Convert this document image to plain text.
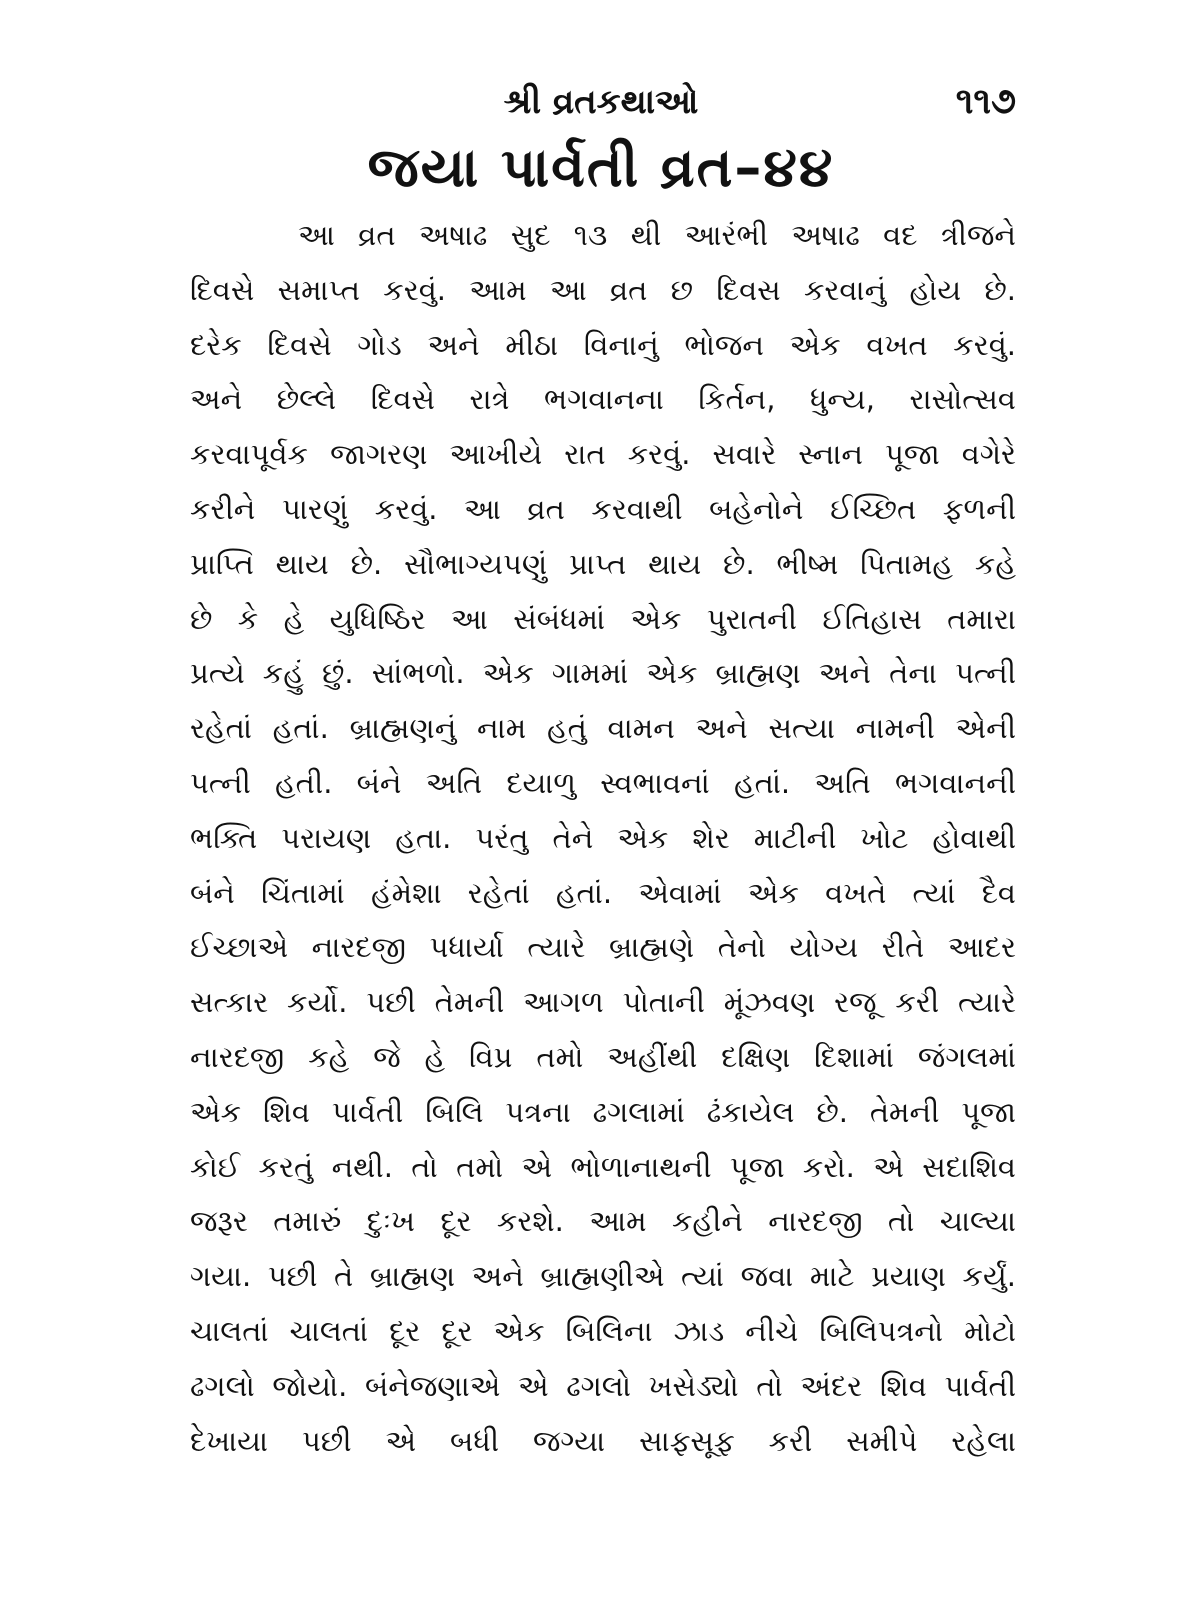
શ્રી વ્રતકથાઓ	૧૧૭
જયા પાર્વતી વ્રત–૪૪
આ વ્રત અષાઢ સુદ ૧૩ થી આરંભી અષાઢ વદ ત્રીજને
દિવસે સમાપ્ત કરવું. આમ આ વ્રત છ દિવસ કરવાનું હોય છે.
દરેક દિવસે ગોડ અને મીઠા વિનાનું ભોજન એક વખત કરવું.
અને છેલ્લે દિવસે રાત્રે ભગવાનના કિર્તન, ધુન્ય, રાસોત્સવ
કરવાપૂર્વક જાગરણ આખીયે રાત કરવું. સવારે સ્નાન પૂજા વગેરે
કરીને પારણું કરવું. આ વ્રત કરવાથી બહેનોને ઈચ્છિત ફળની
પ્રાપ્તિ થાય છે. સૌભાગ્યપણું પ્રાપ્ત થાય છે. ભીષ્મ પિતામહ કહે
છે કે હે યુધિષ્ઠિર આ સંબંધમાં એક પુરાતની ઈતિહાસ તમારા
પ્રત્યે કહું છું. સાંભળો. એક ગામમાં એક બ્રાહ્મણ અને તેના પત્ની
રહેતાં હતાં. બ્રાહ્મણનું નામ હતું વામન અને સત્યા નામની એની
પત્ની હતી. બંને અતિ દયાળુ સ્વભાવનાં હતાં. અતિ ભગવાનની
ભક્તિ પરાયણ હતા. પરંતુ તેને એક શેર માટીની ખોટ હોવાથી
બંને ચિંતામાં હંમેશા રહેતાં હતાં. એવામાં એક વખતે ત્યાં દૈવ
ઈચ્છાએ નારદજી પધાર્યા ત્યારે બ્રાહ્મણે તેનો યોગ્ય રીતે આદર
સત્કાર કર્યો. પછી તેમની આગળ પોતાની મૂંઝવણ રજૂ કરી ત્યારે
નારદજી કહે જે હે વિપ્ર તમો અહીંથી દક્ષિણ દિશામાં જંગલમાં
એક શિવ પાર્વતી બિલિ પત્રના ઢગલામાં ઢંકાયેલ છે. તેમની પૂજા
કોઈ કરતું નથી. તો તમો એ ભોળાનાથની પૂજા કરો. એ સદાશિવ
જરૂર તમારું દુઃખ દૂર કરશે. આમ કહીને નારદજી તો ચાલ્યા
ગયા. પછી તે બ્રાહ્મણ અને બ્રાહ્મણીએ ત્યાં જવા માટે પ્રયાણ કર્યું.
ચાલતાં ચાલતાં દૂર દૂર એક બિલિના ઝાડ નીચે બિલિપત્રનો મોટો
ઢગલો જોયો. બંનેજણાએ એ ઢગલો ખસેડ્યો તો અંદર શિવ પાર્વતી
દેખાયા પછી એ બધી જગ્યા સાફસૂફ કરી સમીપે રહેલા
